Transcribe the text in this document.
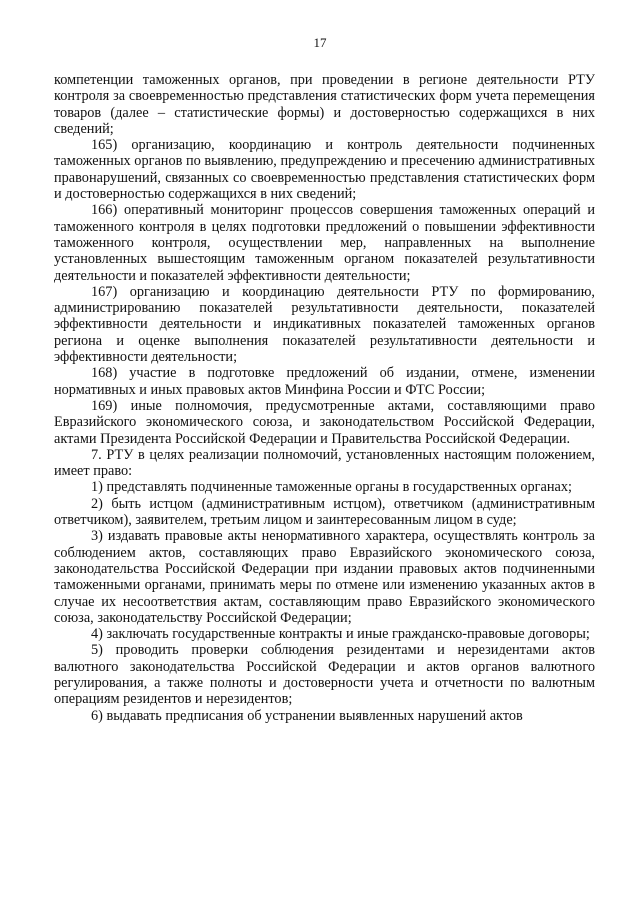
17

компетенции таможенных органов, при проведении в регионе деятельности РТУ контроля за своевременностью представления статистических форм учета перемещения товаров (далее – статистические формы) и достоверностью содержащихся в них сведений;

165) организацию, координацию и контроль деятельности подчиненных таможенных органов по выявлению, предупреждению и пресечению административных правонарушений, связанных со своевременностью представления статистических форм и достоверностью содержащихся в них сведений;

166) оперативный мониторинг процессов совершения таможенных операций и таможенного контроля в целях подготовки предложений о повышении эффективности таможенного контроля, осуществлении мер, направленных на выполнение установленных вышестоящим таможенным органом показателей результативности деятельности и показателей эффективности деятельности;

167) организацию и координацию деятельности РТУ по формированию, администрированию показателей результативности деятельности, показателей эффективности деятельности и индикативных показателей таможенных органов региона и оценке выполнения показателей результативности деятельности и эффективности деятельности;

168) участие в подготовке предложений об издании, отмене, изменении нормативных и иных правовых актов Минфина России и ФТС России;

169) иные полномочия, предусмотренные актами, составляющими право Евразийского экономического союза, и законодательством Российской Федерации, актами Президента Российской Федерации и Правительства Российской Федерации.

7. РТУ в целях реализации полномочий, установленных настоящим положением, имеет право:

1) представлять подчиненные таможенные органы в государственных органах;

2) быть истцом (административным истцом), ответчиком (административным ответчиком), заявителем, третьим лицом и заинтересованным лицом в суде;

3) издавать правовые акты ненормативного характера, осуществлять контроль за соблюдением актов, составляющих право Евразийского экономического союза, законодательства Российской Федерации при издании правовых актов подчиненными таможенными органами, принимать меры по отмене или изменению указанных актов в случае их несоответствия актам, составляющим право Евразийского экономического союза, законодательству Российской Федерации;

4) заключать государственные контракты и иные гражданско-правовые договоры;

5) проводить проверки соблюдения резидентами и нерезидентами актов валютного законодательства Российской Федерации и актов органов валютного регулирования, а также полноты и достоверности учета и отчетности по валютным операциям резидентов и нерезидентов;

6) выдавать предписания об устранении выявленных нарушений актов
